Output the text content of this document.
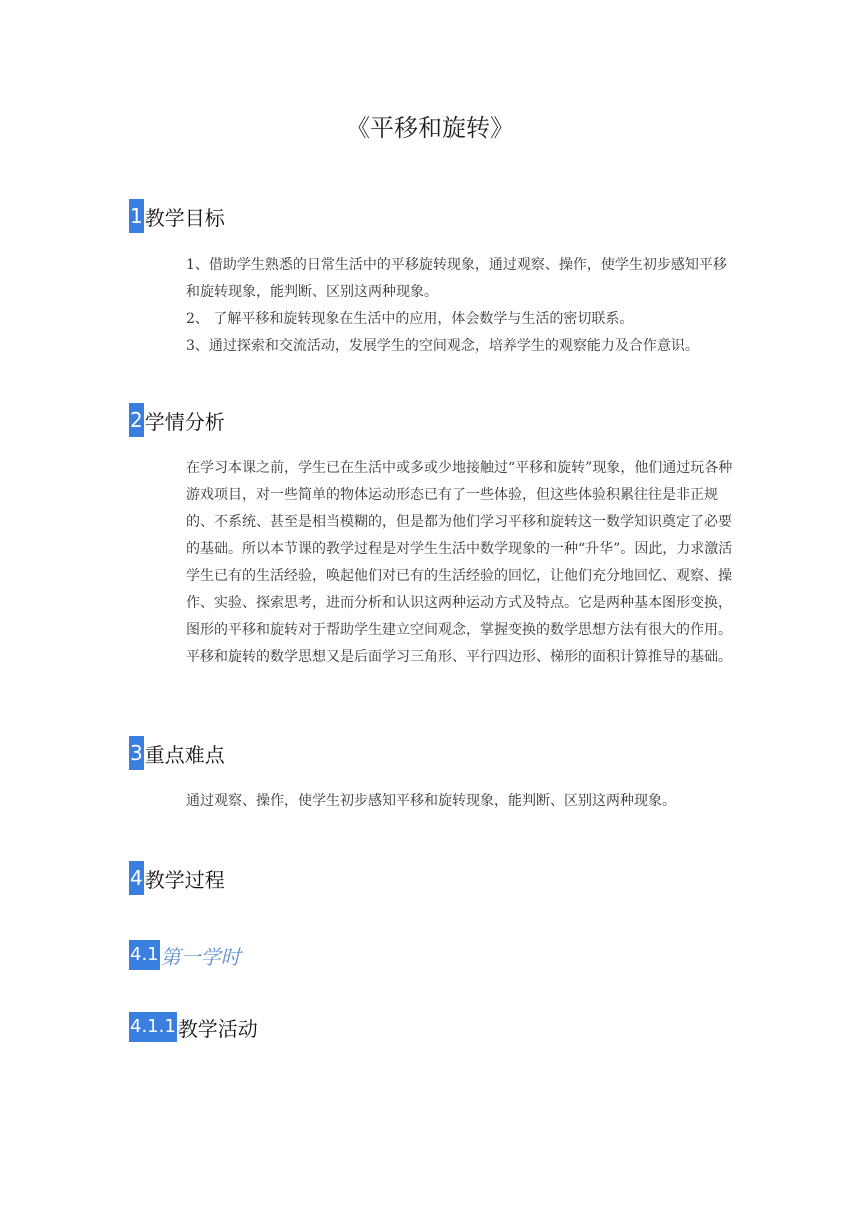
《平移和旋转》
1 教学目标

1、借助学生熟悉的日常生活中的平移旋转现象，通过观察、操作，使学生初步感知平移和旋转现象，能判断、区别这两种现象。

2、 了解平移和旋转现象在生活中的应用，体会数学与生活的密切联系。

3、通过探索和交流活动，发展学生的空间观念，培养学生的观察能力及合作意识。

2 学情分析

在学习本课之前，学生已在生活中或多或少地接触过“平移和旋转”现象，他们通过玩各种游戏项目，对一些简单的物体运动形态已有了一些体验，但这些体验积累往往是非正规的、不系统、甚至是相当模糊的，但是都为他们学习平移和旋转这一数学知识奠定了必要的基础。所以本节课的教学过程是对学生生活中数学现象的一种“升华”。因此，力求激活学生已有的生活经验，唤起他们对已有的生活经验的回忆，让他们充分地回忆、观察、操作、实验、探索思考，进而分析和认识这两种运动方式及特点。它是两种基本图形变换，图形的平移和旋转对于帮助学生建立空间观念，掌握变换的数学思想方法有很大的作用。平移和旋转的数学思想又是后面学习三角形、平行四边形、梯形的面积计算推导的基础。

3 重点难点

通过观察、操作，使学生初步感知平移和旋转现象，能判断、区别这两种现象。

4 教学过程
4.1 第一学时
4.1.1 教学活动
